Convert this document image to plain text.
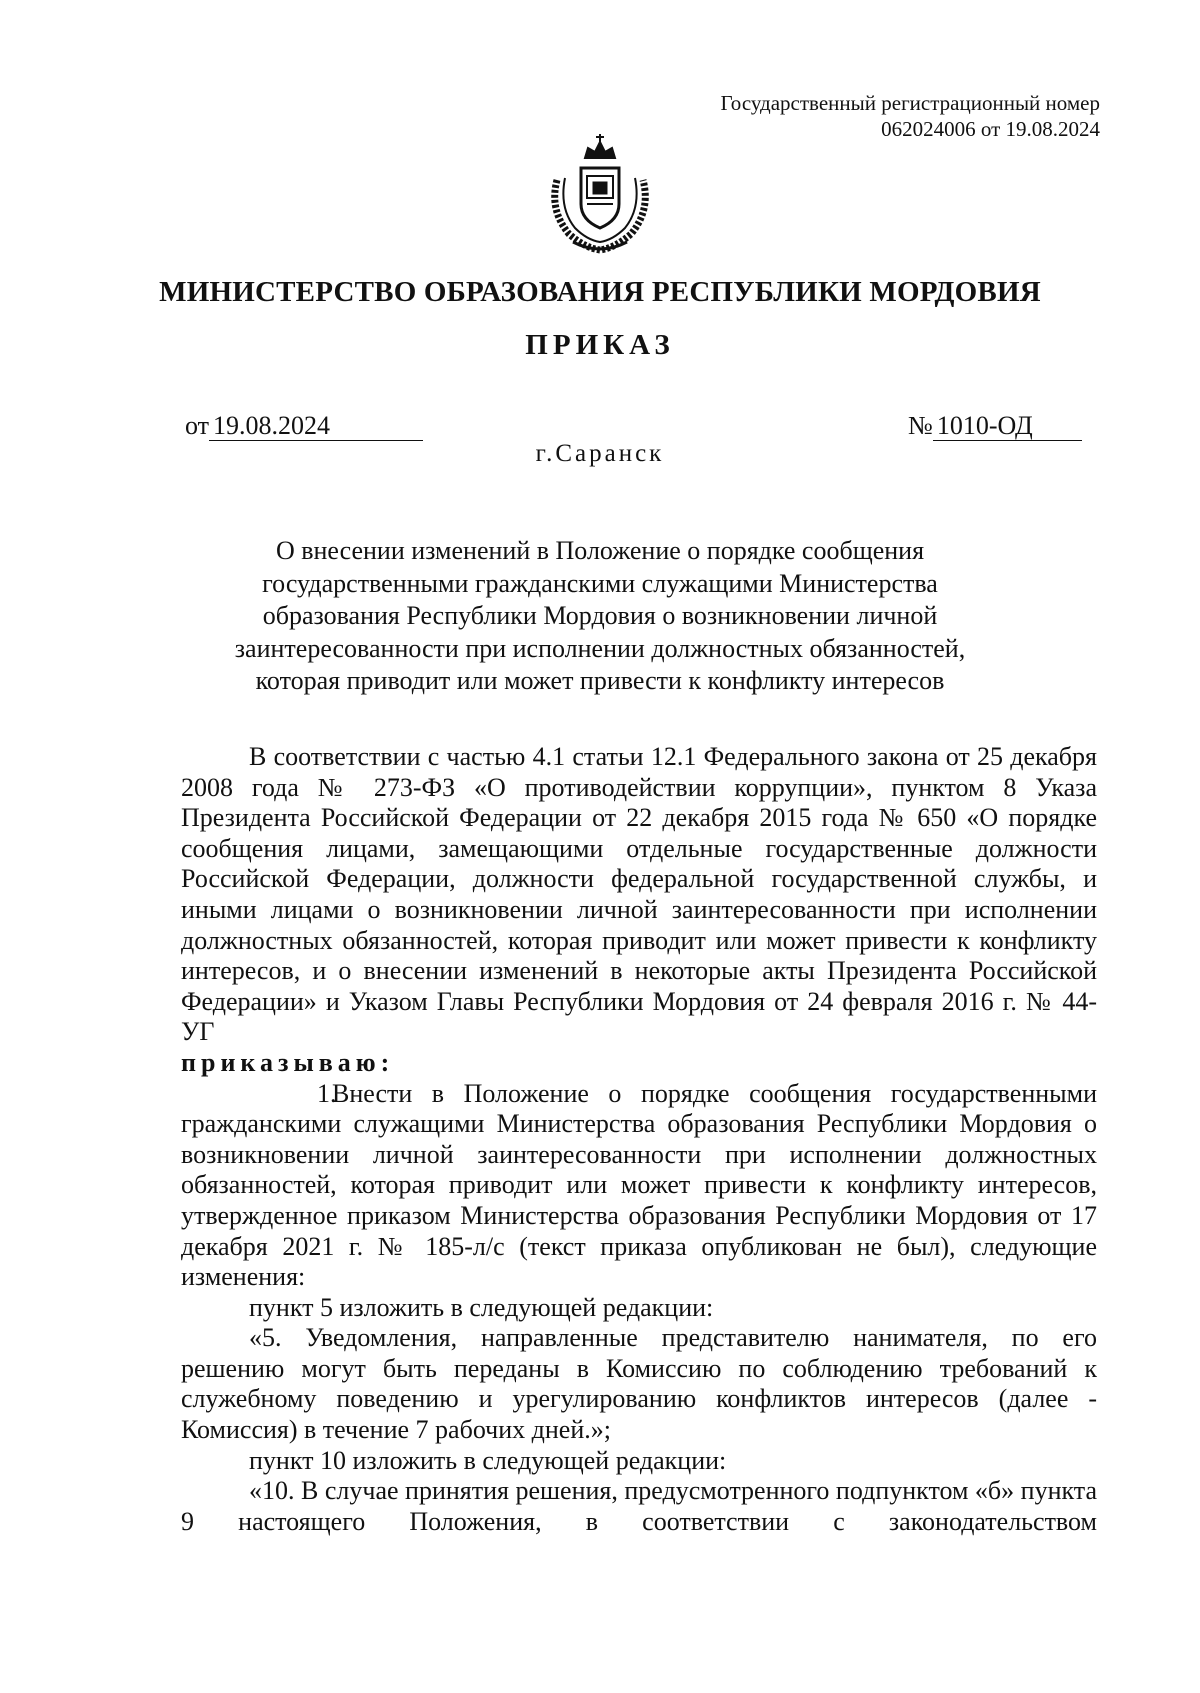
Государственный регистрационный номер
062024006 от 19.08.2024
МИНИСТЕРСТВО ОБРАЗОВАНИЯ РЕСПУБЛИКИ МОРДОВИЯ
ПРИКАЗ
от 19.08.2024	№ 1010-ОД
г.Саранск
О внесении изменений в Положение о порядке сообщения государственными гражданскими служащими Министерства образования Республики Мордовия о возникновении личной заинтересованности при исполнении должностных обязанностей, которая приводит или может привести к конфликту интересов

В соответствии с частью 4.1 статьи 12.1 Федерального закона от 25 декабря 2008 года № 273-ФЗ «О противодействии коррупции», пунктом 8 Указа Президента Российской Федерации от 22 декабря 2015 года № 650 «О порядке сообщения лицами, замещающими отдельные государственные должности Российской Федерации, должности федеральной государственной службы, и иными лицами о возникновении личной заинтересованности при исполнении должностных обязанностей, которая приводит или может привести к конфликту интересов, и о внесении изменений в некоторые акты Президента Российской Федерации» и Указом Главы Республики Мордовия от 24 февраля 2016 г. № 44-УГ

приказываю:

1.Внести в Положение о порядке сообщения государственными гражданскими служащими Министерства образования Республики Мордовия о возникновении личной заинтересованности при исполнении должностных обязанностей, которая приводит или может привести к конфликту интересов, утвержденное приказом Министерства образования Республики Мордовия от 17 декабря 2021 г. № 185-л/с (текст приказа опубликован не был), следующие изменения:

пункт 5 изложить в следующей редакции:

«5. Уведомления, направленные представителю нанимателя, по его решению могут быть переданы в Комиссию по соблюдению требований к служебному поведению и урегулированию конфликтов интересов (далее - Комиссия) в течение 7 рабочих дней.»;

пункт 10 изложить в следующей редакции:

«10. В случае принятия решения, предусмотренного подпунктом «б» пункта 9 настоящего Положения, в соответствии с законодательством
